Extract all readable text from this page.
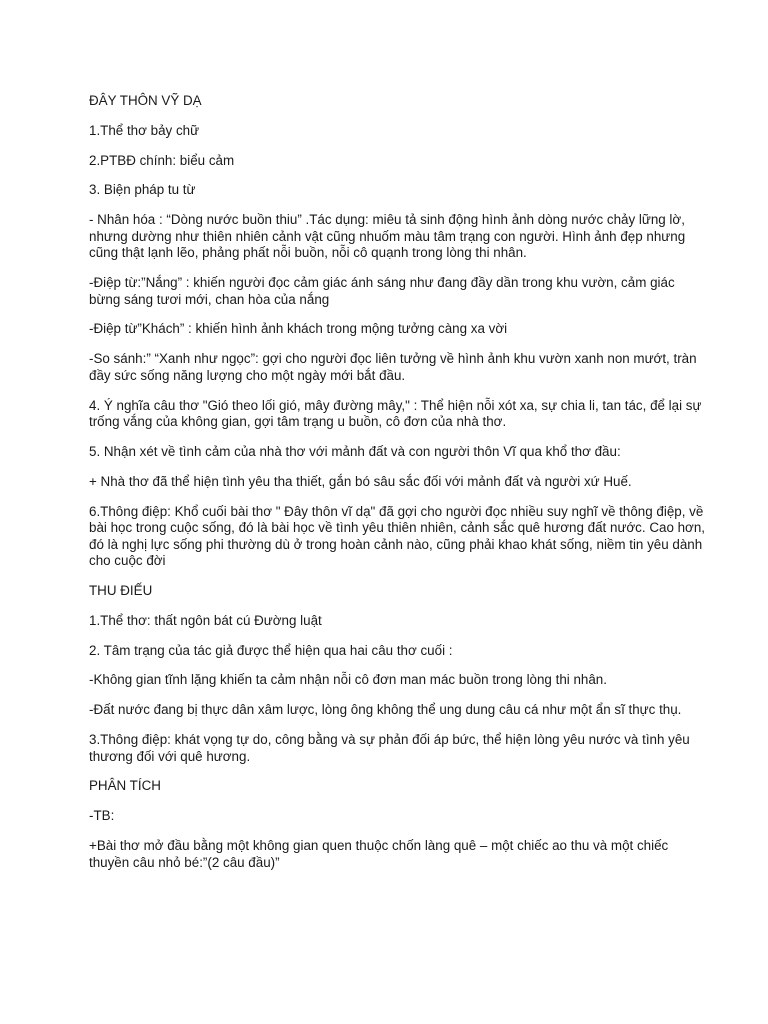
ĐÂY THÔN VỸ DẠ

1.Thể thơ bảy chữ

2.PTBĐ chính: biểu cảm

3. Biện pháp tu từ

- Nhân hóa : “Dòng nước buồn thiu” .Tác dụng: miêu tả sinh động hình ảnh dòng nước chảy lững lờ, nhưng dường như thiên nhiên cảnh vật cũng nhuốm màu tâm trạng con người. Hình ảnh đẹp nhưng cũng thật lạnh lẽo, phảng phất nỗi buồn, nỗi cô quạnh trong lòng thi nhân.

-Điệp từ:”Nắng” : khiến người đọc cảm giác ánh sáng như đang đầy dần trong khu vườn, cảm giác bừng sáng tươi mới, chan hòa của nắng

-Điệp từ”Khách” : khiến hình ảnh khách trong mộng tưởng càng xa vời

-So sánh:” “Xanh như ngọc”: gợi cho người đọc liên tưởng về hình ảnh khu vườn xanh non mướt, tràn đầy sức sống năng lượng cho một ngày mới bắt đầu.

4. Ý nghĩa câu thơ "Gió theo lối gió, mây đường mây," : Thể hiện nỗi xót xa, sự chia li, tan tác, để lại sự trống vắng của không gian, gợi tâm trạng u buồn, cô đơn của nhà thơ.

5. Nhận xét về tình cảm của nhà thơ với mảnh đất và con người thôn Vĩ qua khổ thơ đầu:

+ Nhà thơ đã thể hiện tình yêu tha thiết, gắn bó sâu sắc đối với mảnh đất và người xứ Huế.

6.Thông điệp: Khổ cuối bài thơ " Đây thôn vĩ dạ" đã gợi cho người đọc nhiều suy nghĩ về thông điệp, về bài học trong cuộc sống, đó là bài học về tình yêu thiên nhiên, cảnh sắc quê hương đất nước. Cao hơn, đó là nghị lực sống phi thường dù ở trong hoàn cảnh nào, cũng phải khao khát sống, niềm tin yêu dành cho cuộc đời

THU ĐIẾU

1.Thể thơ: thất ngôn bát cú Đường luật

2. Tâm trạng của tác giả được thể hiện qua hai câu thơ cuối :

-Không gian tĩnh lặng khiến ta cảm nhận nỗi cô đơn man mác buồn trong lòng thi nhân.

-Đất nước đang bị thực dân xâm lược, lòng ông không thể ung dung câu cá như một ẩn sĩ thực thụ.

3.Thông điệp: khát vọng tự do, công bằng và sự phản đối áp bức, thể hiện lòng yêu nước và tình yêu thương đối với quê hương.

PHÂN TÍCH

-TB:

+Bài thơ mở đầu bằng một không gian quen thuộc chốn làng quê – một chiếc ao thu và một chiếc thuyền câu nhỏ bé:”(2 câu đầu)”
